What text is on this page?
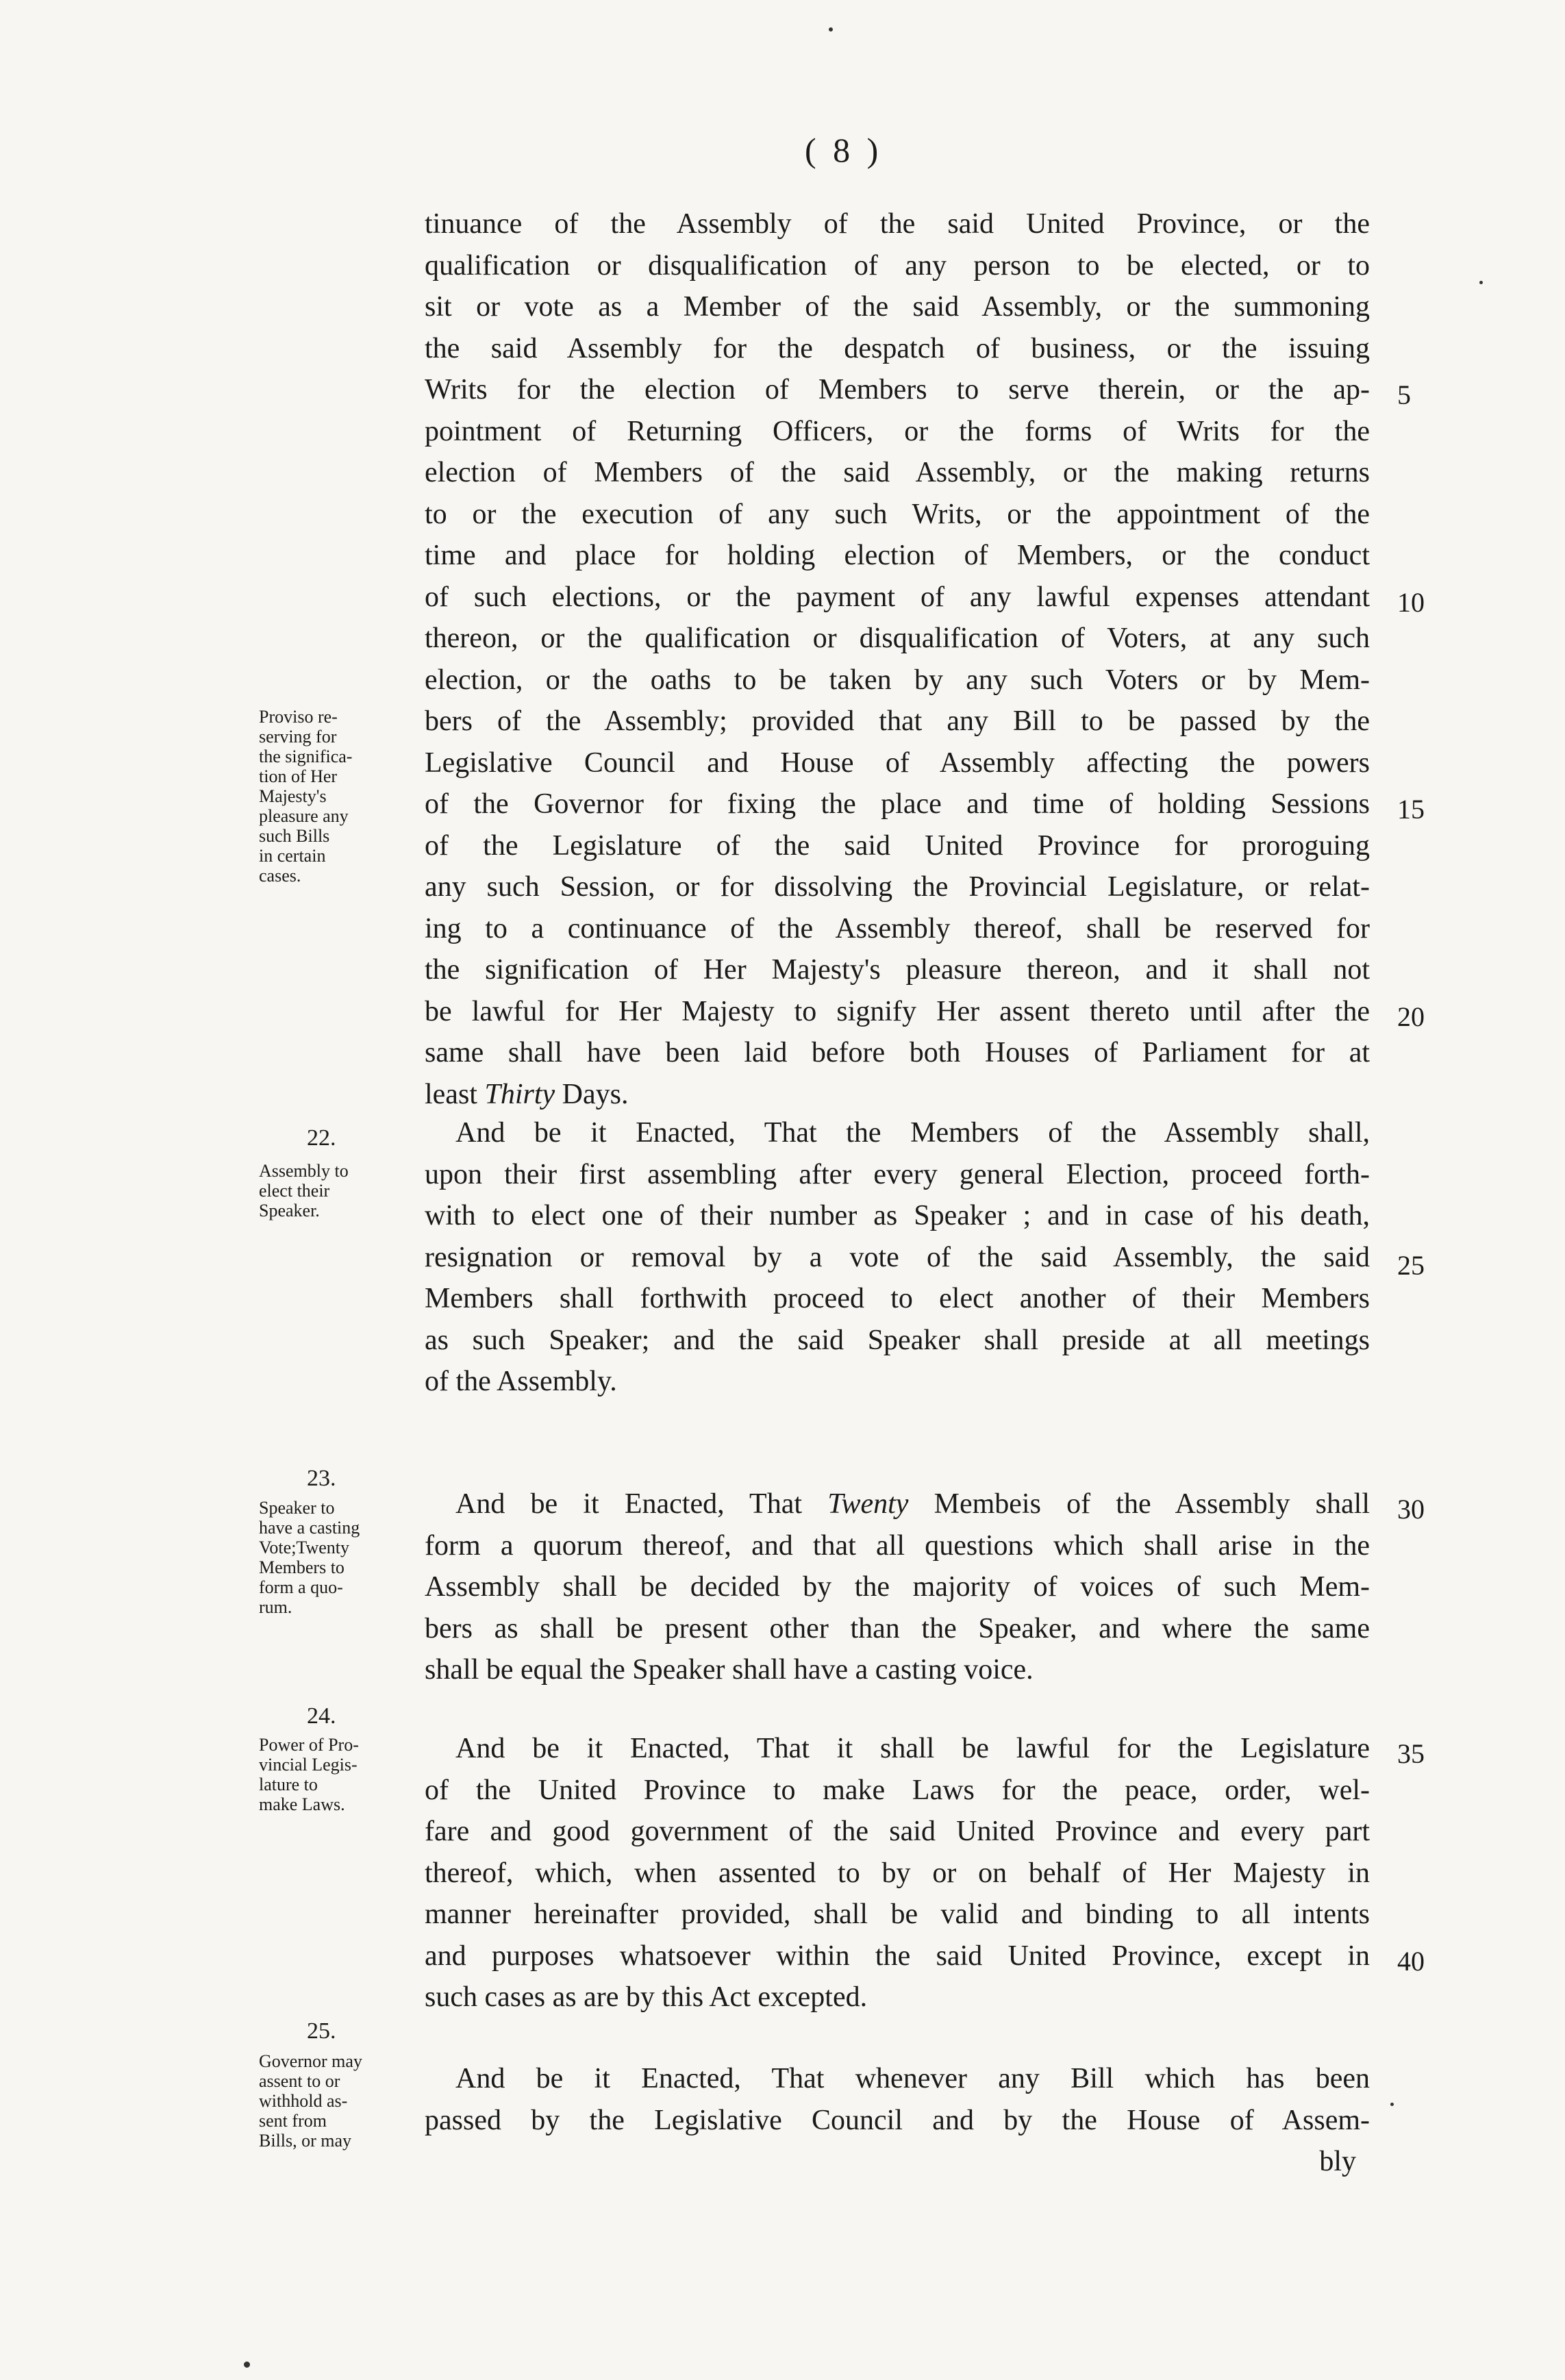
( 8 )
tinuance of the Assembly of the said United Province, or the
qualification or disqualification of any person to be elected, or to
sit or vote as a Member of the said Assembly, or the summoning
the said Assembly for the despatch of business, or the issuing
Writs for the election of Members to serve therein, or the ap-
pointment of Returning Officers, or the forms of Writs for the
election of Members of the said Assembly, or the making returns
to or the execution of any such Writs, or the appointment of the
time and place for holding election of Members, or the conduct
of such elections, or the payment of any lawful expenses attendant
thereon, or the qualification or disqualification of Voters, at any such
election, or the oaths to be taken by any such Voters or by Mem-
bers of the Assembly; provided that any Bill to be passed by the
Legislative Council and House of Assembly affecting the powers
of the Governor for fixing the place and time of holding Sessions
of the Legislature of the said United Province for proroguing
any such Session, or for dissolving the Provincial Legislature, or relat-
ing to a continuance of the Assembly thereof, shall be reserved for
the signification of Her Majesty's pleasure thereon, and it shall not
be lawful for Her Majesty to signify Her assent thereto until after the
same shall have been laid before both Houses of Parliament for at
least Thirty Days.
And be it Enacted, That the Members of the Assembly shall,
upon their first assembling after every general Election, proceed forth-
with to elect one of their number as Speaker ; and in case of his death,
resignation or removal by a vote of the said Assembly, the said
Members shall forthwith proceed to elect another of their Members
as such Speaker; and the said Speaker shall preside at all meetings
of the Assembly.
And be it Enacted, That Twenty Membeis of the Assembly shall
form a quorum thereof, and that all questions which shall arise in the
Assembly shall be decided by the majority of voices of such Mem-
bers as shall be present other than the Speaker, and where the same
shall be equal the Speaker shall have a casting voice.
And be it Enacted, That it shall be lawful for the Legislature
of the United Province to make Laws for the peace, order, wel-
fare and good government of the said United Province and every part
thereof, which, when assented to by or on behalf of Her Majesty in
manner hereinafter provided, shall be valid and binding to all intents
and purposes whatsoever within the said United Province, except in
such cases as are by this Act excepted.
And be it Enacted, That whenever any Bill which has been
passed by the Legislative Council and by the House of Assem-
bly
5
10
15
20
25
30
35
40
Proviso re-
serving for
the significa-
tion of Her
Majesty's
pleasure any
such Bills
in certain
cases.
22.
Assembly to
elect their
Speaker.
23.
Speaker to
have a casting
Vote;Twenty
Members to
form a quo-
rum.
24.
Power of Pro-
vincial Legis-
lature to
make Laws.
25.
Governor may
assent to or
withhold as-
sent from
Bills, or may
